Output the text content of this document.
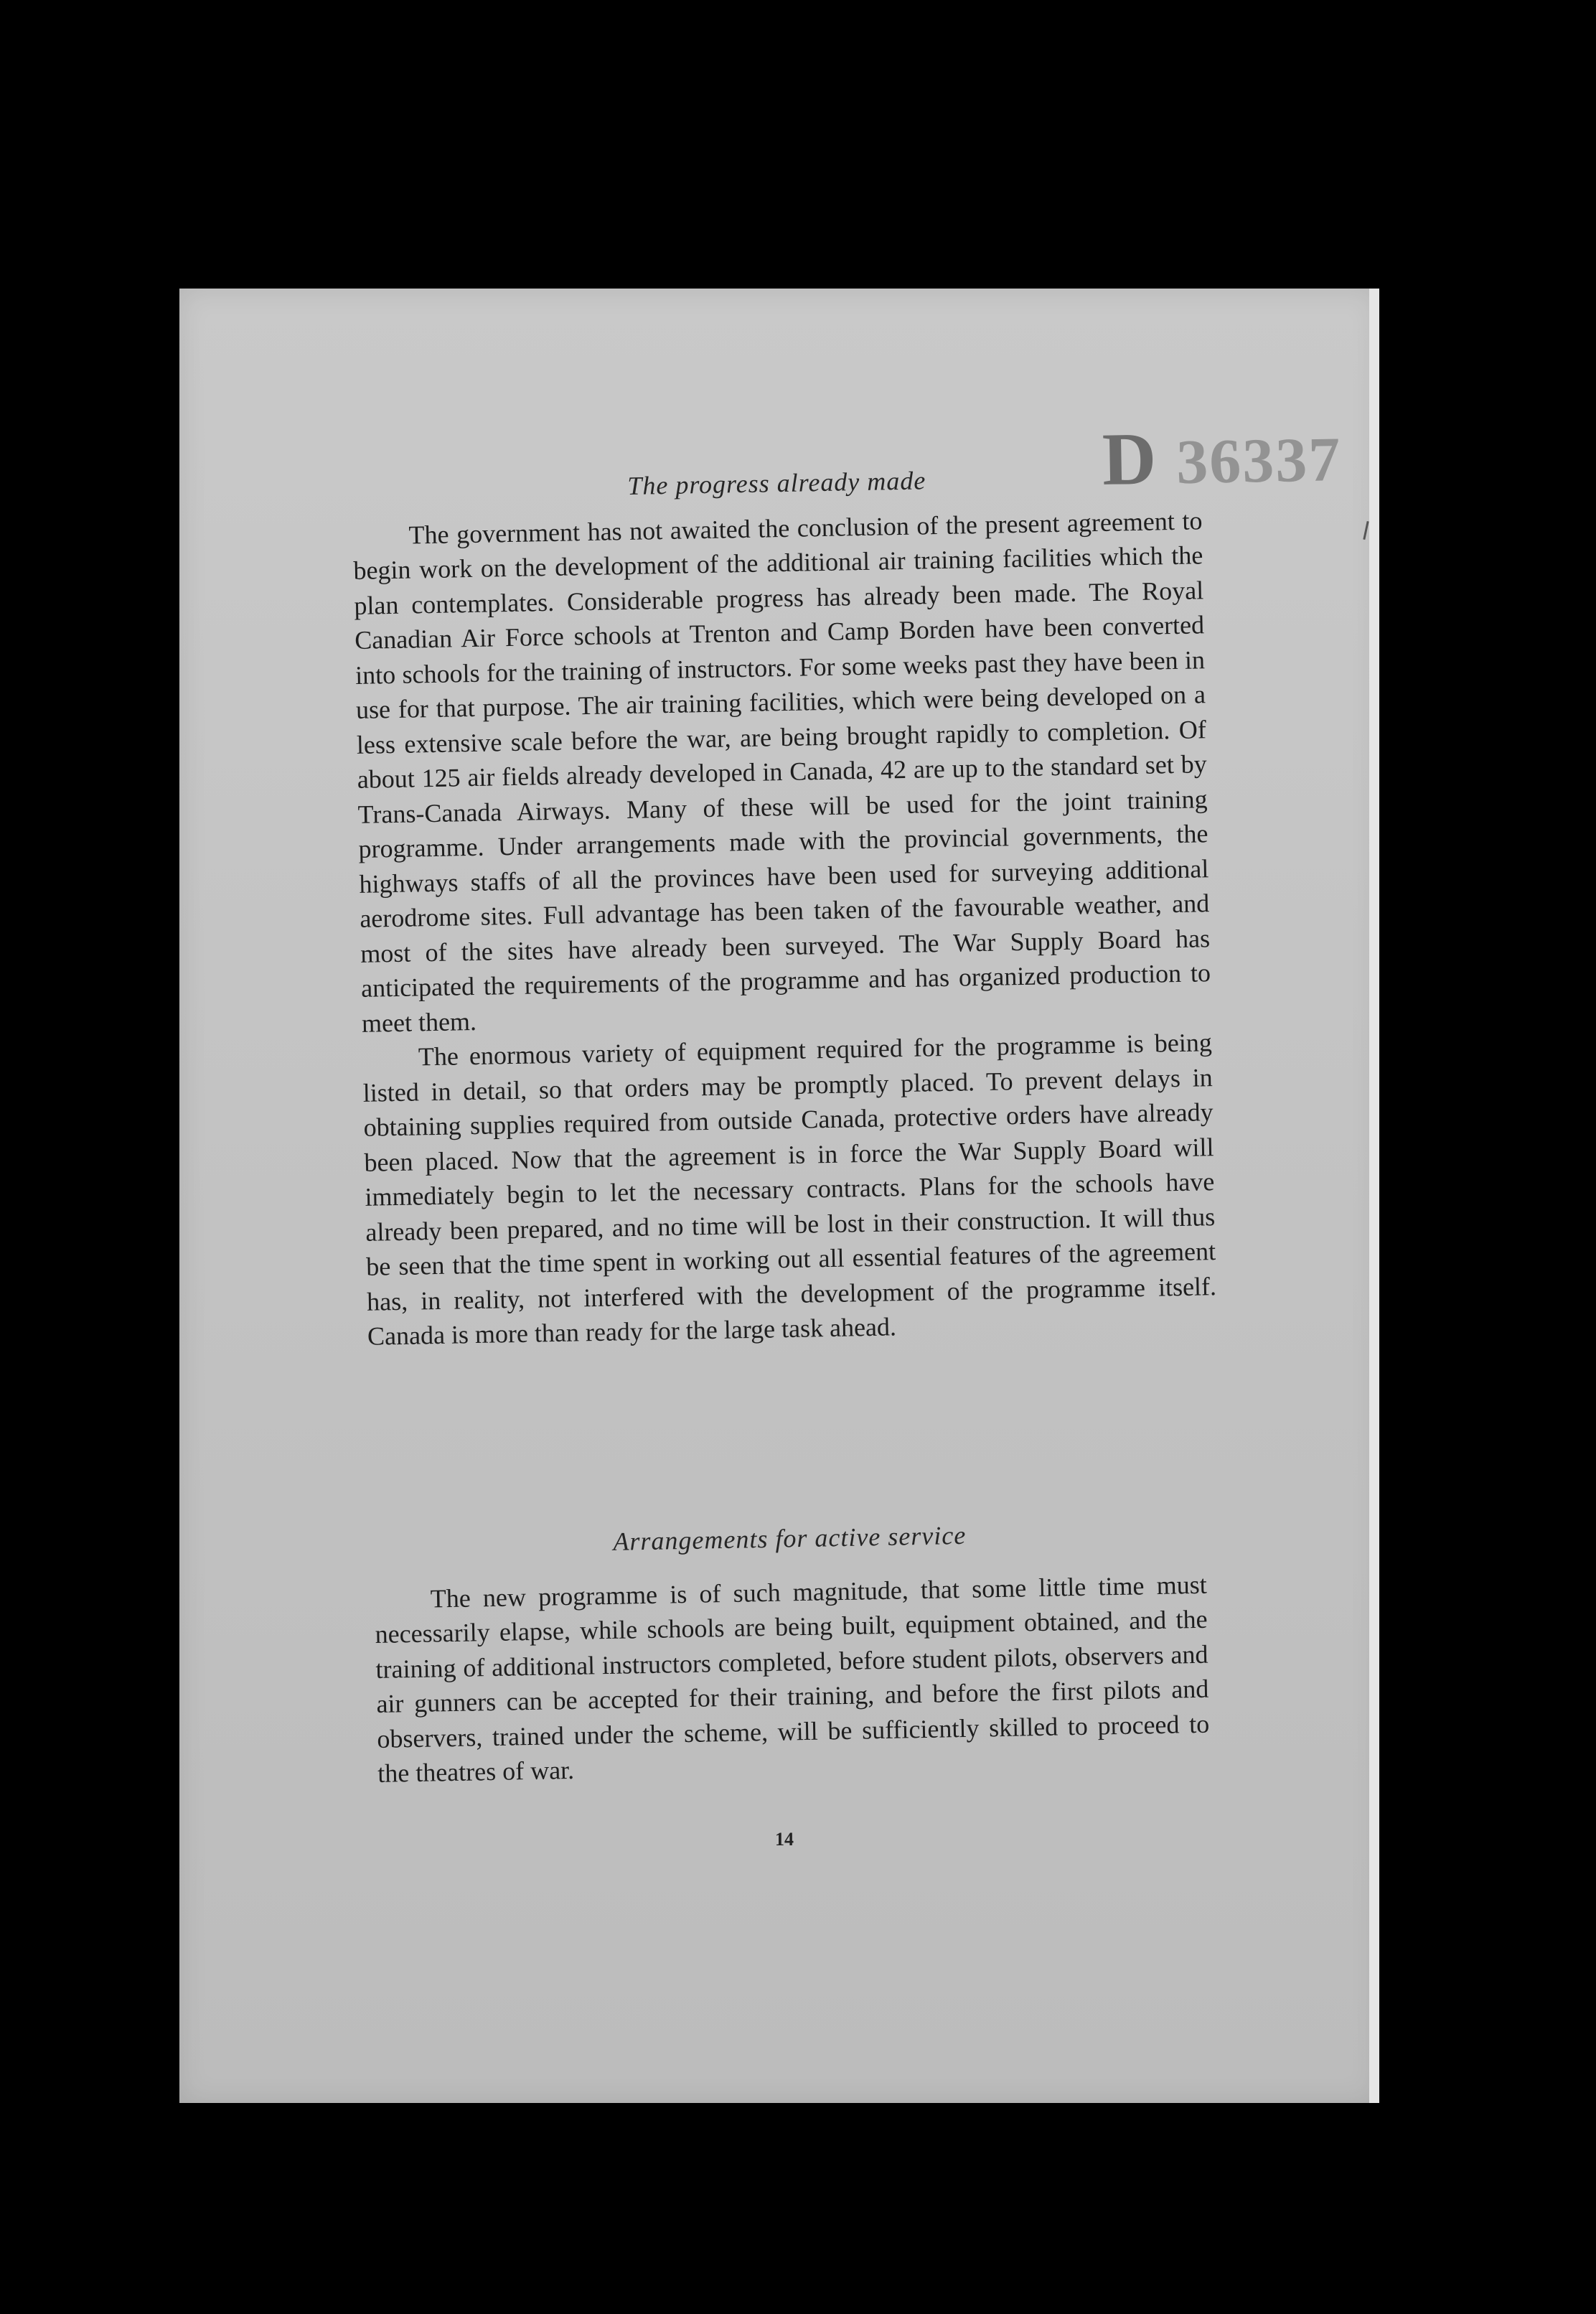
D 36337

The progress already made

The government has not awaited the conclusion of the present agreement to begin work on the development of the additional air training facilities which the plan contemplates. Considerable progress has already been made. The Royal Canadian Air Force schools at Trenton and Camp Borden have been converted into schools for the training of instructors. For some weeks past they have been in use for that purpose. The air training facilities, which were being developed on a less extensive scale before the war, are being brought rapidly to completion. Of about 125 air fields already developed in Canada, 42 are up to the standard set by Trans-Canada Airways. Many of these will be used for the joint training programme. Under arrangements made with the provincial governments, the highways staffs of all the provinces have been used for surveying additional aerodrome sites. Full advantage has been taken of the favourable weather, and most of the sites have already been surveyed. The War Supply Board has anticipated the requirements of the programme and has organized production to meet them.

The enormous variety of equipment required for the programme is being listed in detail, so that orders may be promptly placed. To prevent delays in obtaining supplies required from outside Canada, protective orders have already been placed. Now that the agreement is in force the War Supply Board will immediately begin to let the necessary contracts. Plans for the schools have already been prepared, and no time will be lost in their construction. It will thus be seen that the time spent in working out all essential features of the agreement has, in reality, not interfered with the development of the programme itself. Canada is more than ready for the large task ahead.

Arrangements for active service

The new programme is of such magnitude, that some little time must necessarily elapse, while schools are being built, equipment obtained, and the training of additional instructors completed, before student pilots, observers and air gunners can be accepted for their training, and before the first pilots and observers, trained under the scheme, will be sufficiently skilled to proceed to the theatres of war.

14
